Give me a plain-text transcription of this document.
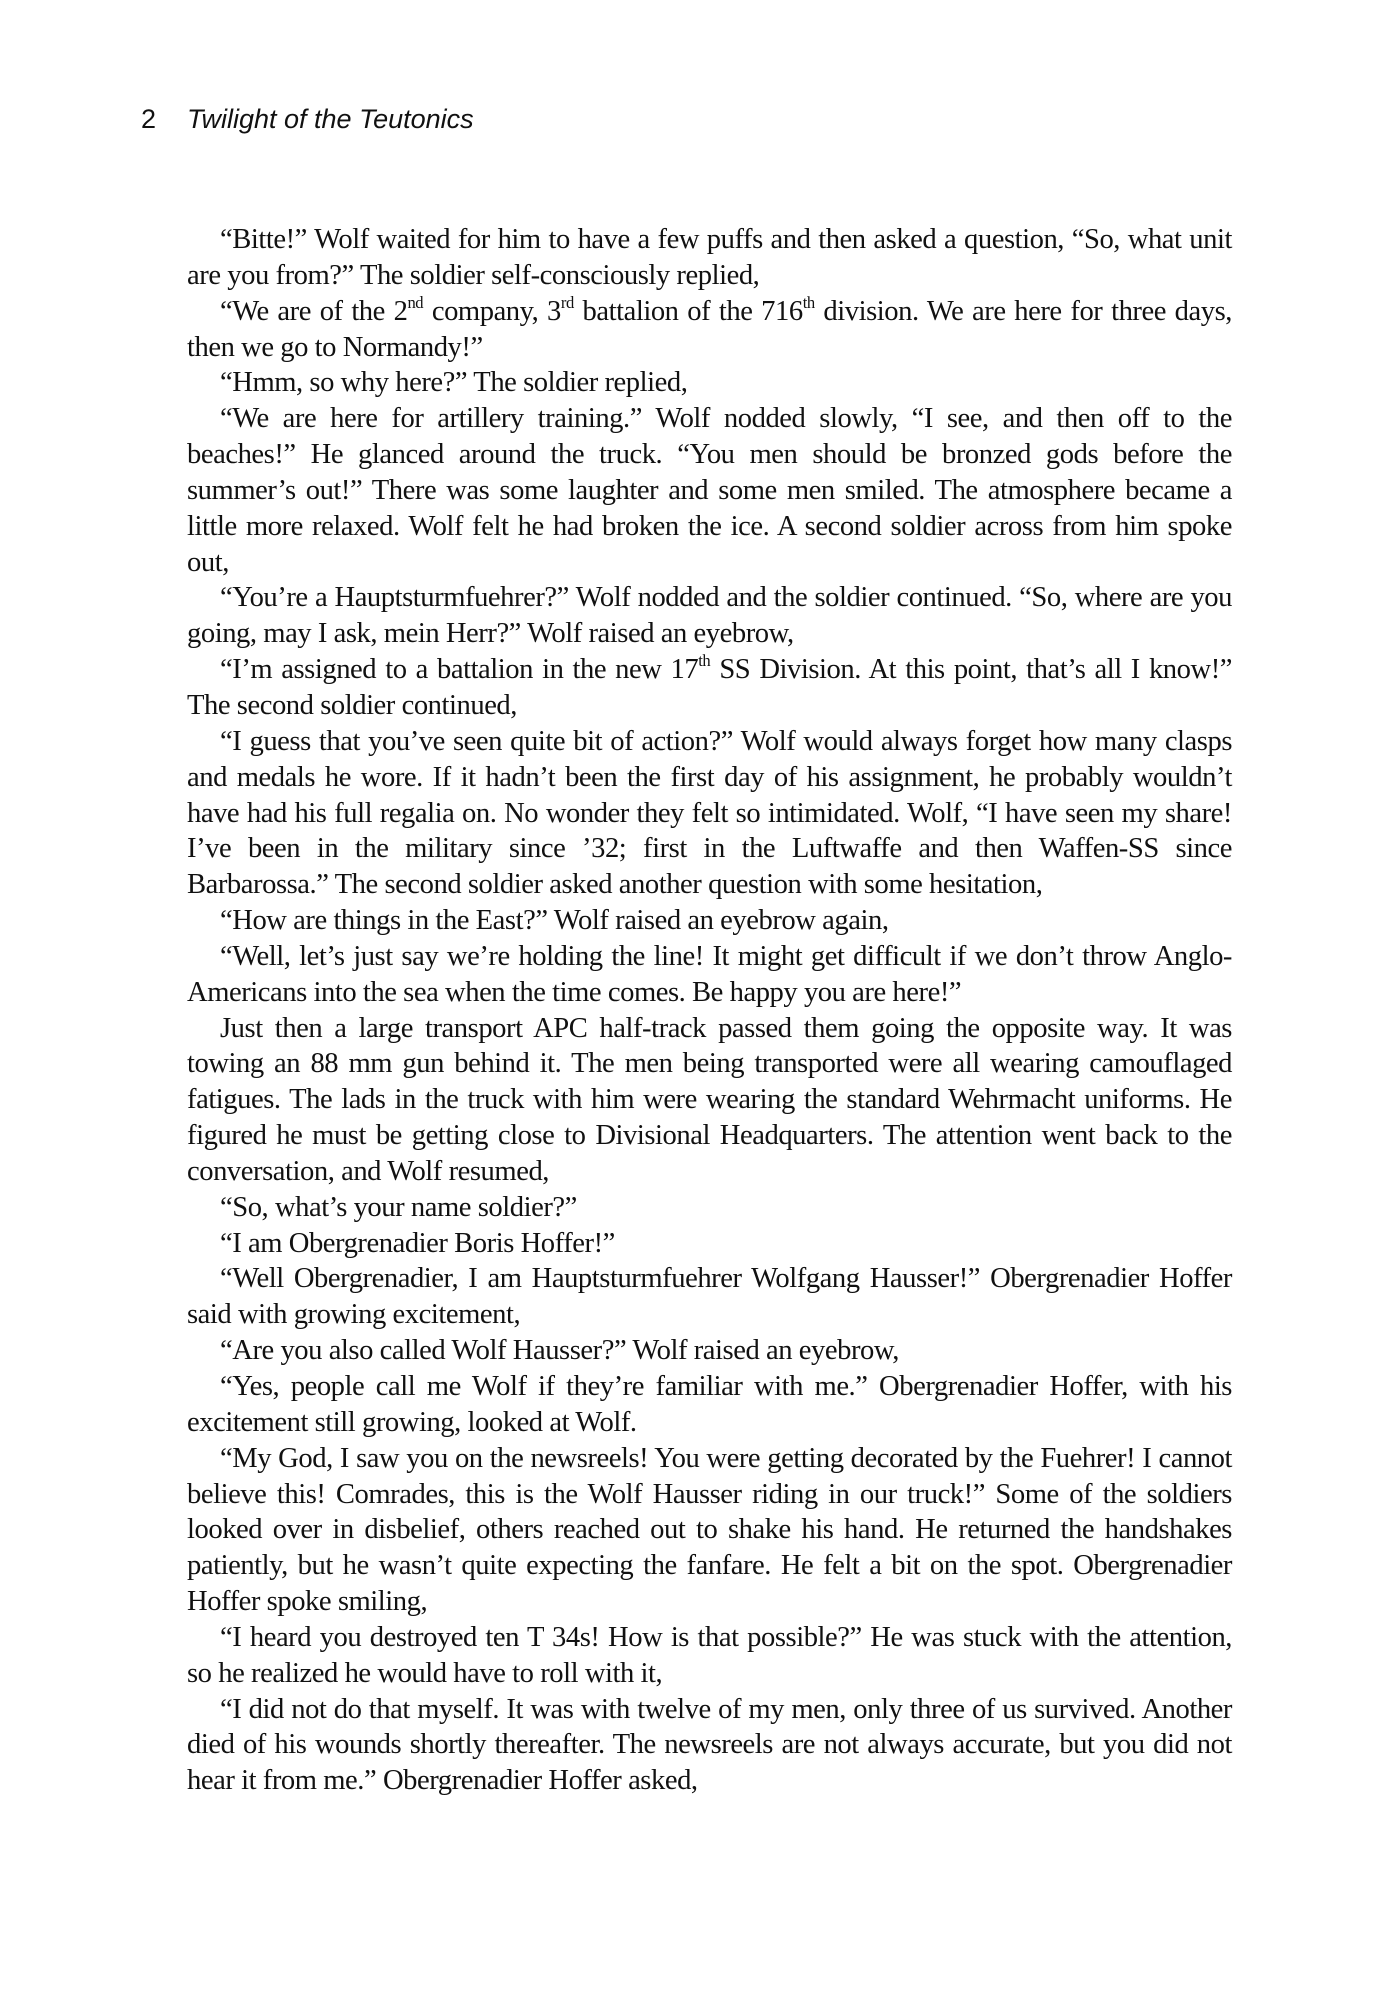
2 Twilight of the Teutonics

“Bitte!” Wolf waited for him to have a few puffs and then asked a question, “So, what unit are you from?” The soldier self-consciously replied,

“We are of the 2nd company, 3rd battalion of the 716th division. We are here for three days, then we go to Normandy!”

“Hmm, so why here?” The soldier replied,

“We are here for artillery training.” Wolf nodded slowly, “I see, and then off to the beaches!” He glanced around the truck. “You men should be bronzed gods before the summer’s out!” There was some laughter and some men smiled. The atmosphere became a little more relaxed. Wolf felt he had broken the ice. A second soldier across from him spoke out,

“You’re a Hauptsturmfuehrer?” Wolf nodded and the soldier continued. “So, where are you going, may I ask, mein Herr?” Wolf raised an eyebrow,

“I’m assigned to a battalion in the new 17th SS Division. At this point, that’s all I know!” The second soldier continued,

“I guess that you’ve seen quite bit of action?” Wolf would always forget how many clasps and medals he wore. If it hadn’t been the first day of his assignment, he probably wouldn’t have had his full regalia on. No wonder they felt so intimidated. Wolf, “I have seen my share! I’ve been in the military since ’32; first in the Luftwaffe and then Waffen-SS since Barbarossa.” The second soldier asked another question with some hesitation,

“How are things in the East?” Wolf raised an eyebrow again,

“Well, let’s just say we’re holding the line! It might get difficult if we don’t throw Anglo-Americans into the sea when the time comes. Be happy you are here!”

Just then a large transport APC half-track passed them going the opposite way. It was towing an 88 mm gun behind it. The men being transported were all wearing camouflaged fatigues. The lads in the truck with him were wearing the standard Wehrmacht uniforms. He figured he must be getting close to Divisional Headquarters. The attention went back to the conversation, and Wolf resumed,

“So, what’s your name soldier?”

“I am Obergrenadier Boris Hoffer!”

“Well Obergrenadier, I am Hauptsturmfuehrer Wolfgang Hausser!” Obergrenadier Hoffer said with growing excitement,

“Are you also called Wolf Hausser?” Wolf raised an eyebrow,

“Yes, people call me Wolf if they’re familiar with me.” Obergrenadier Hoffer, with his excitement still growing, looked at Wolf.

“My God, I saw you on the newsreels! You were getting decorated by the Fuehrer! I cannot believe this! Comrades, this is the Wolf Hausser riding in our truck!” Some of the soldiers looked over in disbelief, others reached out to shake his hand. He returned the handshakes patiently, but he wasn’t quite expecting the fanfare. He felt a bit on the spot. Obergrenadier Hoffer spoke smiling,

“I heard you destroyed ten T 34s! How is that possible?” He was stuck with the attention, so he realized he would have to roll with it,

“I did not do that myself. It was with twelve of my men, only three of us survived. Another died of his wounds shortly thereafter. The newsreels are not always accurate, but you did not hear it from me.” Obergrenadier Hoffer asked,
